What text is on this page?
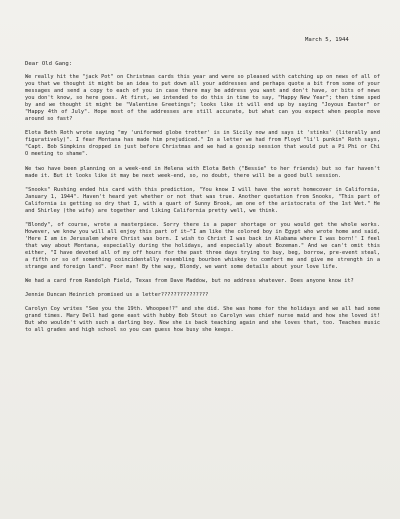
March 5, 1944
Dear Old Gang:

We really hit the "jack Pot" on Christmas cards this year and were so pleased with catching up on news of all of you that we thought it might be an idea to put down all your addresses and perhaps quote a bit from some of your messages and send a copy to each of you in case there may be address you want and don't have, or bits of news you don't know, so here goes. At first, we intended to do this in time to say, "Happy New Year"; then time sped by and we thought it might be "Valentine Greetings"; looks like it will end up by saying "Joyous Easter" or "Happy 4th of July". Hope most of the addresses are still accurate, but what can you expect when people move around so fast?

Elota Beth Roth wrote saying "my 'uniformed globe trotter' is in Sicily now and says it 'stinks' (literally and figuratively)". I fear Montana has made him prejudiced." In a letter we had from Floyd "li'l punkin" Roth says, "Capt. Bob Simpkins dropped in just before Christmas and we had a gossip session that would put a Pi Phi or Chi O meeting to shame".

We two have been planning on a week-end in Helena with Elota Beth ("Bessie" to her friends) but so far haven't made it. But it looks like it may be next week-end, so, no doubt, there will be a good bull session.

"Snooks" Rushing ended his card with this prediction, "You know I will have the worst homecover in California, January 1, 1944". Haven't heard yet whether or not that was true. Another quotation from Snooks, "This part of California is getting so dry that I, with a quart of Sunny Brook, am one of the aristocrats of the 1st Wet." He and Shirley (the wife) are together and liking California pretty well, we think.

"Blondy", of course, wrote a masterpiece. Sorry there is a paper shortage or you would get the whole works. However, we know you will all enjoy this part of it—"I am like the colored boy in Egypt who wrote home and said, 'Here I am in Jerusalem where Christ was born. I wish to Christ I was back in Alabama where I was born!' I feel that way about Montana, especially during the holidays, and especially about Bozeman." And we can't omit this either, "I have devoted all of my off hours for the past three days trying to buy, beg, borrow, pre-event steal, a fifth or so of something coincidentally resembling bourbon whiskey to comfort me and give me strength in a strange and foreign land". Poor man! By the way, Blondy, we want some details about your love life.

We had a card from Randolph Field, Texas from Dave Maddow, but no address whatever. Does anyone know it?

Jennie Duncan Heinrich promised us a letter???????????????

Carolyn Coy writes "See you the 19th. Whoopee!?" and she did. She was home for the holidays and we all had some grand times. Mary Dell had gone east with hubby Bob Stout so Carolyn was chief nurse maid and how she loved it! But who wouldn't with such a darling boy. Now she is back teaching again and she loves that, too. Teaches music to all grades and high school so you can guess how busy she keeps.
